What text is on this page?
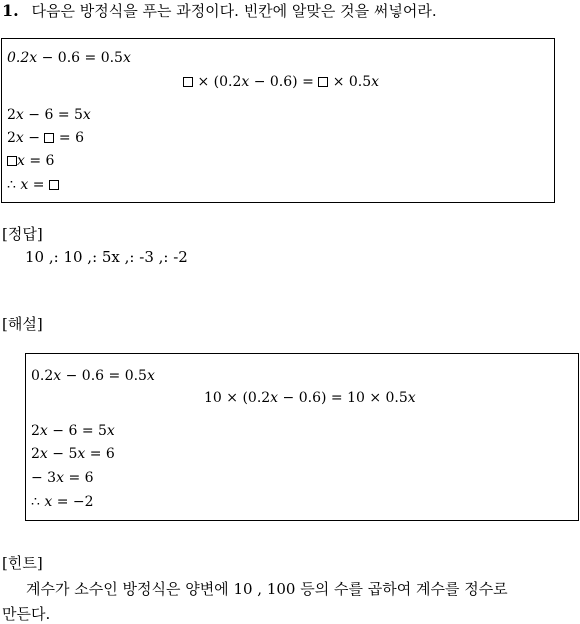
1. 다음은 방정식을 푸는 과정이다. 빈칸에 알맞은 것을 써넣어라.
0.2x − 0.6 = 0.5x
× (0.2x − 0.6) =  × 0.5x
2x − 6 = 5x
2x −  = 6
x = 6
∴ x =
[정답]
10 ,: 10 ,: 5x ,: -3 ,: -2
[해설]
0.2x − 0.6 = 0.5x
10 × (0.2x − 0.6) = 10 × 0.5x
2x − 6 = 5x
2x − 5x = 6
− 3x = 6
∴ x = −2
[힌트]
계수가 소수인 방정식은 양변에 10 , 100 등의 수를 곱하여 계수를 정수로
만든다.
